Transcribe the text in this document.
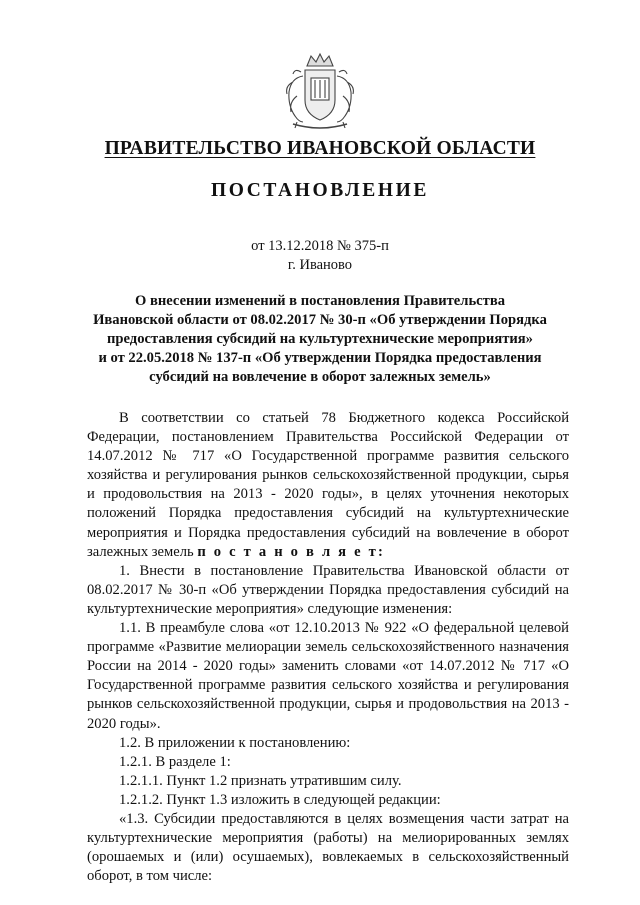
ПРАВИТЕЛЬСТВО ИВАНОВСКОЙ ОБЛАСТИ
ПОСТАНОВЛЕНИЕ
от 13.12.2018 № 375-п
г. Иваново
О внесении изменений в постановления Правительства
Ивановской области от 08.02.2017 № 30-п «Об утверждении Порядка
предоставления субсидий на культуртехнические мероприятия»
и от 22.05.2018 № 137-п «Об утверждении Порядка предоставления
субсидий на вовлечение в оборот залежных земель»

В соответствии со статьей 78 Бюджетного кодекса Российской Федерации, постановлением Правительства Российской Федерации от 14.07.2012 № 717 «О Государственной программе развития сельского хозяйства и регулирования рынков сельскохозяйственной продукции, сырья и продовольствия на 2013 - 2020 годы», в целях уточнения некоторых положений Порядка предоставления субсидий на культуртехнические мероприятия и Порядка предоставления субсидий на вовлечение в оборот залежных земель п о с т а н о в л я е т:

1. Внести в постановление Правительства Ивановской области от 08.02.2017 № 30-п «Об утверждении Порядка предоставления субсидий на культуртехнические мероприятия» следующие изменения:

1.1. В преамбуле слова «от 12.10.2013 № 922 «О федеральной целевой программе «Развитие мелиорации земель сельскохозяйственного назначения России на 2014 - 2020 годы» заменить словами «от 14.07.2012 № 717 «О Государственной программе развития сельского хозяйства и регулирования рынков сельскохозяйственной продукции, сырья и продовольствия на 2013 - 2020 годы».

1.2. В приложении к постановлению:

1.2.1. В разделе 1:

1.2.1.1. Пункт 1.2 признать утратившим силу.

1.2.1.2. Пункт 1.3 изложить в следующей редакции:

«1.3. Субсидии предоставляются в целях возмещения части затрат на культуртехнические мероприятия (работы) на мелиорированных землях (орошаемых и (или) осушаемых), вовлекаемых в сельскохозяйственный оборот, в том числе:
